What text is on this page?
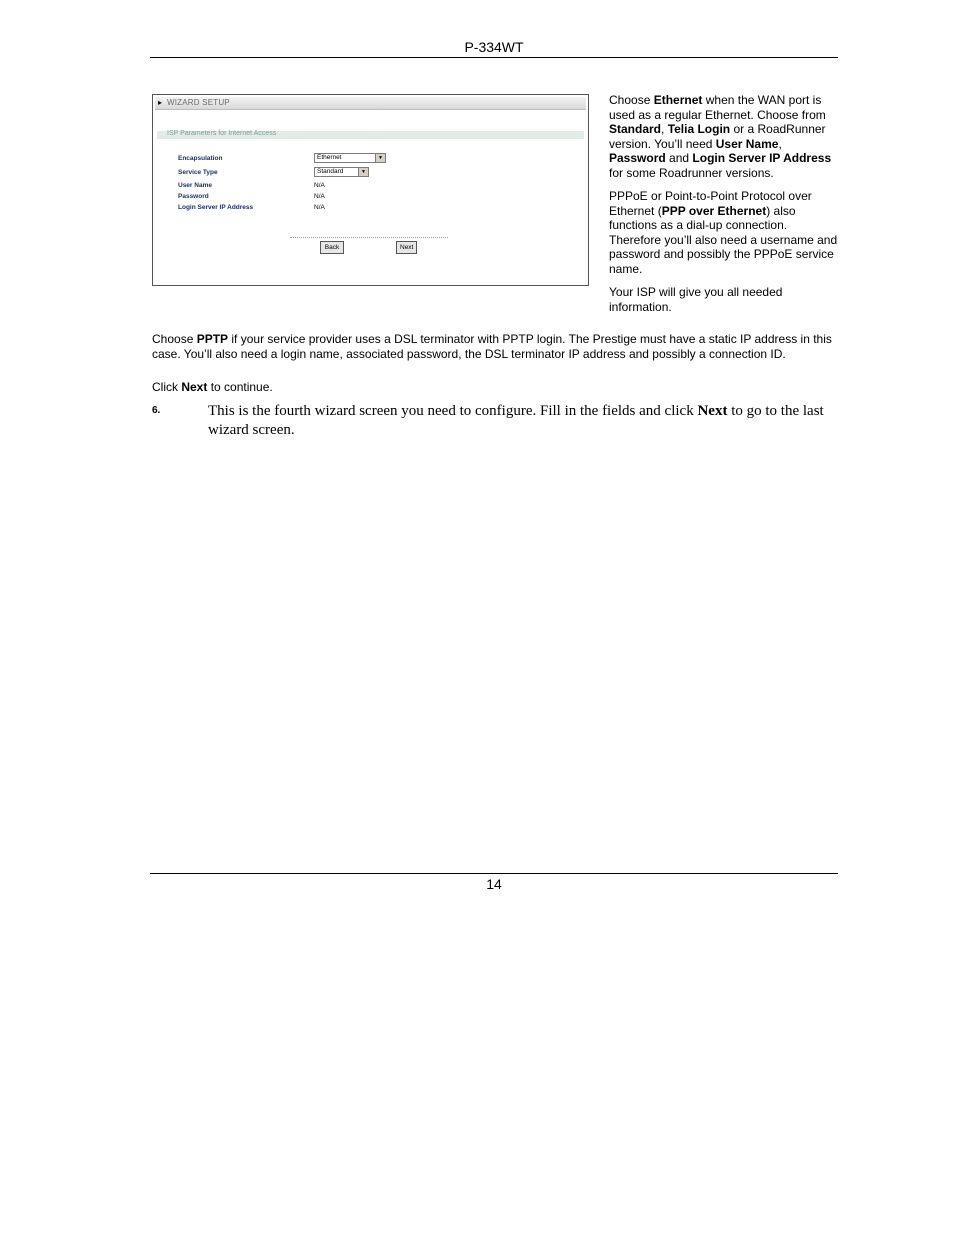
P-334WT
▸ WIZARD SETUP
ISP Parameters for Internet Access
Encapsulation	Ethernet	▼
Service Type	Standard	▼
User Name	N/A
Password	N/A
Login Server IP Address	N/A
Back	Next

Choose Ethernet when the WAN port is used as a regular Ethernet. Choose from Standard, Telia Login or a RoadRunner version. You’ll need User Name, Password and Login Server IP Address for some Roadrunner versions.

PPPoE or Point-to-Point Protocol over Ethernet (PPP over Ethernet) also functions as a dial-up connection. Therefore you’ll also need a username and password and possibly the PPPoE service name.

Your ISP will give you all needed information.

Choose PPTP if your service provider uses a DSL terminator with PPTP login. The Prestige must have a static IP address in this case. You’ll also need a login name, associated password, the DSL terminator IP address and possibly a connection ID.
Click Next to continue.
6.	This is the fourth wizard screen you need to configure. Fill in the fields and click Next to go to the last wizard screen.
14
